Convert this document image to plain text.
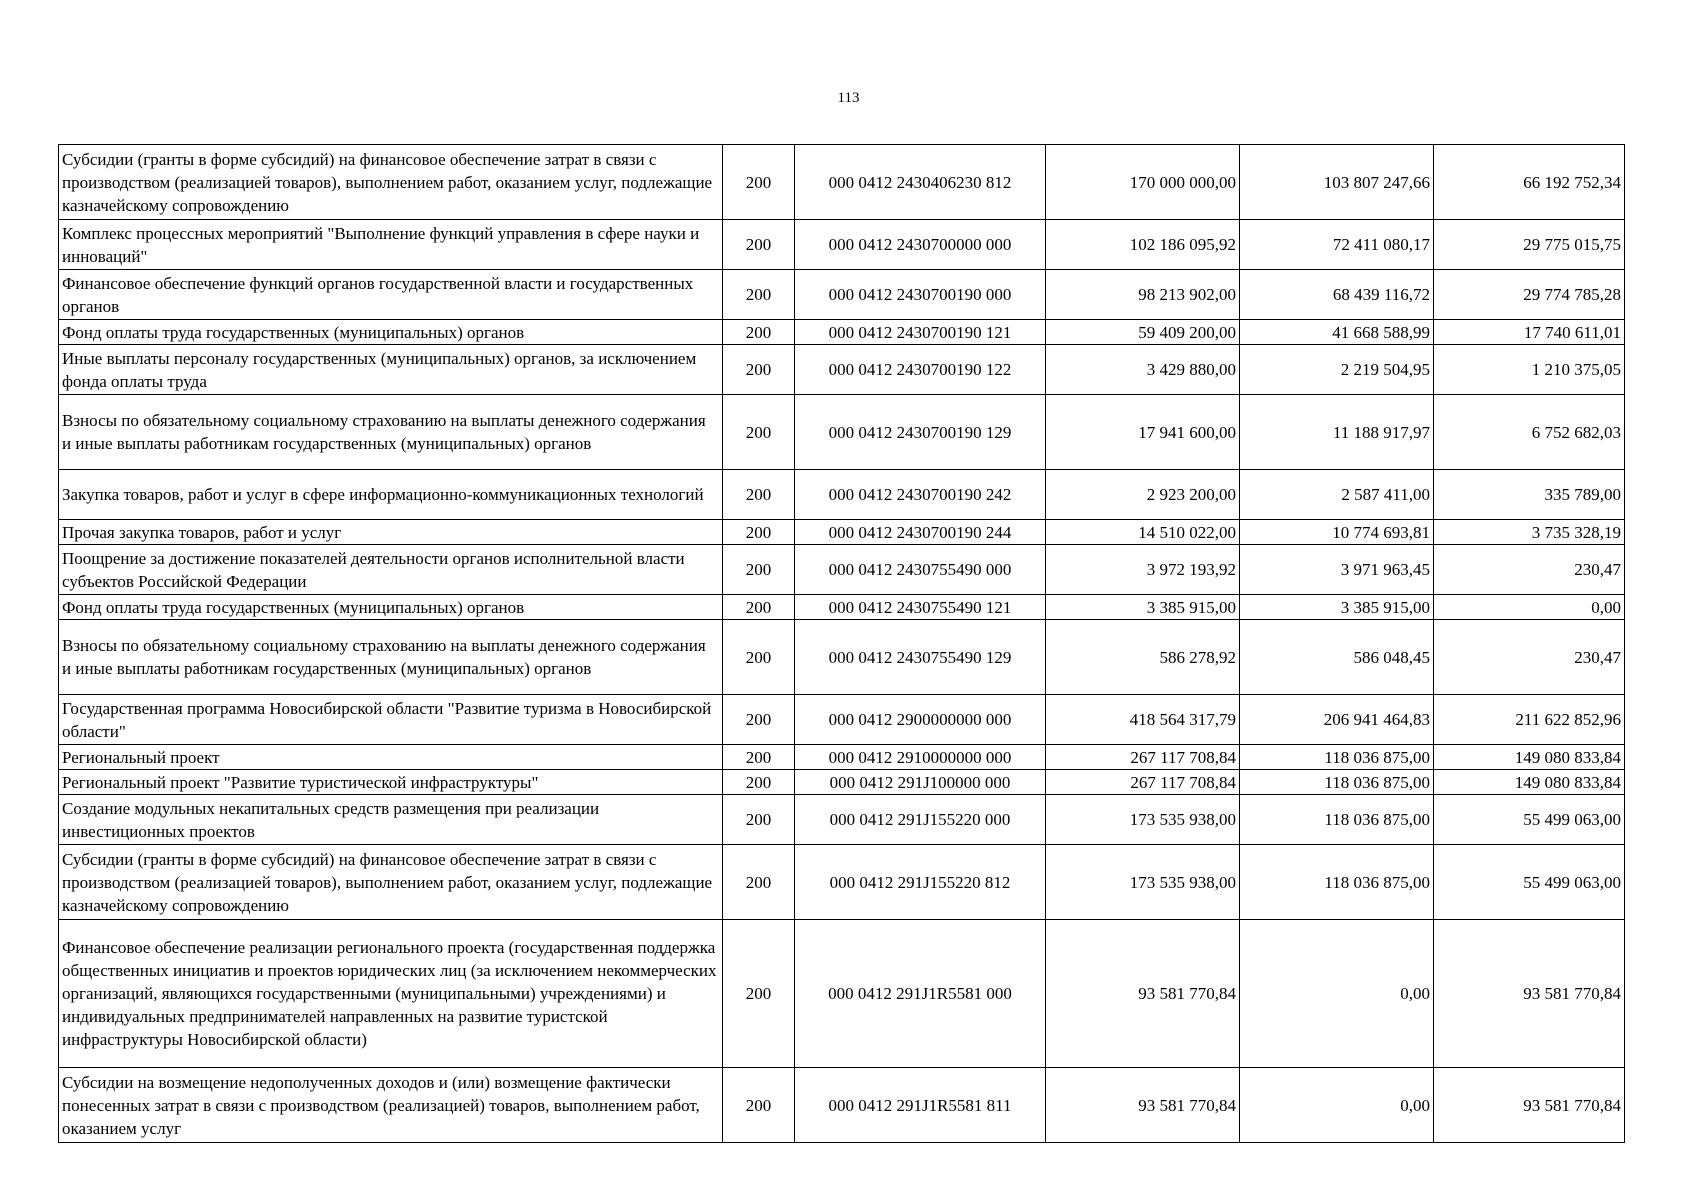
113
Субсидии (гранты в форме субсидий) на финансовое обеспечение затрат в связи с производством (реализацией товаров), выполнением работ, оказанием услуг, подлежащие казначейскому сопровождению	200	000 0412 2430406230 812	170 000 000,00	103 807 247,66	66 192 752,34
Комплекс процессных мероприятий "Выполнение функций управления в сфере науки и инноваций"	200	000 0412 2430700000 000	102 186 095,92	72 411 080,17	29 775 015,75
Финансовое обеспечение функций органов государственной власти и государственных органов	200	000 0412 2430700190 000	98 213 902,00	68 439 116,72	29 774 785,28
Фонд оплаты труда государственных (муниципальных) органов	200	000 0412 2430700190 121	59 409 200,00	41 668 588,99	17 740 611,01
Иные выплаты персоналу государственных (муниципальных) органов, за исключением фонда оплаты труда	200	000 0412 2430700190 122	3 429 880,00	2 219 504,95	1 210 375,05
Взносы по обязательному социальному страхованию на выплаты денежного содержания и иные выплаты работникам государственных (муниципальных) органов	200	000 0412 2430700190 129	17 941 600,00	11 188 917,97	6 752 682,03
Закупка товаров, работ и услуг в сфере информационно-коммуникационных технологий	200	000 0412 2430700190 242	2 923 200,00	2 587 411,00	335 789,00
Прочая закупка товаров, работ и услуг	200	000 0412 2430700190 244	14 510 022,00	10 774 693,81	3 735 328,19
Поощрение за достижение показателей деятельности органов исполнительной власти субъектов Российской Федерации	200	000 0412 2430755490 000	3 972 193,92	3 971 963,45	230,47
Фонд оплаты труда государственных (муниципальных) органов	200	000 0412 2430755490 121	3 385 915,00	3 385 915,00	0,00
Взносы по обязательному социальному страхованию на выплаты денежного содержания и иные выплаты работникам государственных (муниципальных) органов	200	000 0412 2430755490 129	586 278,92	586 048,45	230,47
Государственная программа Новосибирской области "Развитие туризма в Новосибирской области"	200	000 0412 2900000000 000	418 564 317,79	206 941 464,83	211 622 852,96
Региональный проект	200	000 0412 2910000000 000	267 117 708,84	118 036 875,00	149 080 833,84
Региональный проект "Развитие туристической инфраструктуры"	200	000 0412 291J100000 000	267 117 708,84	118 036 875,00	149 080 833,84
Создание модульных некапитальных средств размещения при реализации инвестиционных проектов	200	000 0412 291J155220 000	173 535 938,00	118 036 875,00	55 499 063,00
Субсидии (гранты в форме субсидий) на финансовое обеспечение затрат в связи с производством (реализацией товаров), выполнением работ, оказанием услуг, подлежащие казначейскому сопровождению	200	000 0412 291J155220 812	173 535 938,00	118 036 875,00	55 499 063,00
Финансовое обеспечение реализации регионального проекта (государственная поддержка общественных инициатив и проектов юридических лиц (за исключением некоммерческих организаций, являющихся государственными (муниципальными) учреждениями) и индивидуальных предпринимателей направленных на развитие туристской инфраструктуры Новосибирской области)	200	000 0412 291J1R5581 000	93 581 770,84	0,00	93 581 770,84
Субсидии на возмещение недополученных доходов и (или) возмещение фактически понесенных затрат в связи с производством (реализацией) товаров, выполнением работ, оказанием услуг	200	000 0412 291J1R5581 811	93 581 770,84	0,00	93 581 770,84
